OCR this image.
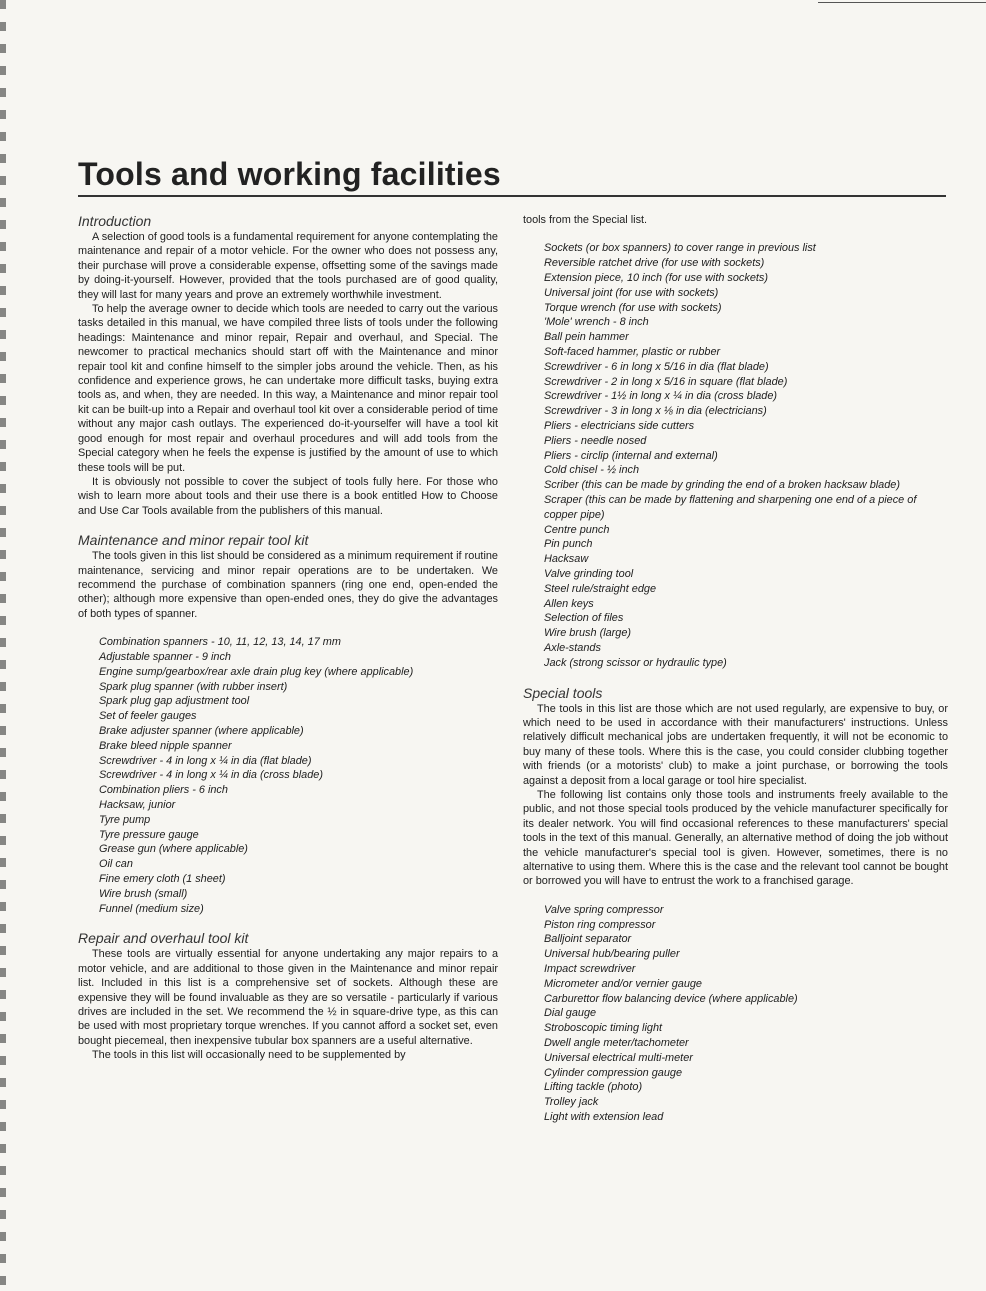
Tools and working facilities
Introduction

A selection of good tools is a fundamental requirement for anyone contemplating the maintenance and repair of a motor vehicle. For the owner who does not possess any, their purchase will prove a considerable expense, offsetting some of the savings made by doing-it-yourself. However, provided that the tools purchased are of good quality, they will last for many years and prove an extremely worthwhile investment.

To help the average owner to decide which tools are needed to carry out the various tasks detailed in this manual, we have compiled three lists of tools under the following headings: Maintenance and minor repair, Repair and overhaul, and Special. The newcomer to practical mechanics should start off with the Maintenance and minor repair tool kit and confine himself to the simpler jobs around the vehicle. Then, as his confidence and experience grows, he can undertake more difficult tasks, buying extra tools as, and when, they are needed. In this way, a Maintenance and minor repair tool kit can be built-up into a Repair and overhaul tool kit over a considerable period of time without any major cash outlays. The experienced do-it-yourselfer will have a tool kit good enough for most repair and overhaul procedures and will add tools from the Special category when he feels the expense is justified by the amount of use to which these tools will be put.

It is obviously not possible to cover the subject of tools fully here. For those who wish to learn more about tools and their use there is a book entitled How to Choose and Use Car Tools available from the publishers of this manual.

Maintenance and minor repair tool kit

The tools given in this list should be considered as a minimum requirement if routine maintenance, servicing and minor repair operations are to be undertaken. We recommend the purchase of combination spanners (ring one end, open-ended the other); although more expensive than open-ended ones, they do give the advantages of both types of spanner.

Combination spanners - 10, 11, 12, 13, 14, 17 mm
Adjustable spanner - 9 inch
Engine sump/gearbox/rear axle drain plug key (where applicable)
Spark plug spanner (with rubber insert)
Spark plug gap adjustment tool
Set of feeler gauges
Brake adjuster spanner (where applicable)
Brake bleed nipple spanner
Screwdriver - 4 in long x ¼ in dia (flat blade)
Screwdriver - 4 in long x ¼ in dia (cross blade)
Combination pliers - 6 inch
Hacksaw, junior
Tyre pump
Tyre pressure gauge
Grease gun (where applicable)
Oil can
Fine emery cloth (1 sheet)
Wire brush (small)
Funnel (medium size)
Repair and overhaul tool kit

These tools are virtually essential for anyone undertaking any major repairs to a motor vehicle, and are additional to those given in the Maintenance and minor repair list. Included in this list is a comprehensive set of sockets. Although these are expensive they will be found invaluable as they are so versatile - particularly if various drives are included in the set. We recommend the ½ in square-drive type, as this can be used with most proprietary torque wrenches. If you cannot afford a socket set, even bought piecemeal, then inexpensive tubular box spanners are a useful alternative.

The tools in this list will occasionally need to be supplemented by

tools from the Special list.

Sockets (or box spanners) to cover range in previous list
Reversible ratchet drive (for use with sockets)
Extension piece, 10 inch (for use with sockets)
Universal joint (for use with sockets)
Torque wrench (for use with sockets)
'Mole' wrench - 8 inch
Ball pein hammer
Soft-faced hammer, plastic or rubber
Screwdriver - 6 in long x 5/16 in dia (flat blade)
Screwdriver - 2 in long x 5/16 in square (flat blade)
Screwdriver - 1½ in long x ¼ in dia (cross blade)
Screwdriver - 3 in long x ⅛ in dia (electricians)
Pliers - electricians side cutters
Pliers - needle nosed
Pliers - circlip (internal and external)
Cold chisel - ½ inch
Scriber (this can be made by grinding the end of a broken hacksaw blade)
Scraper (this can be made by flattening and sharpening one end of a piece of copper pipe)
Centre punch
Pin punch
Hacksaw
Valve grinding tool
Steel rule/straight edge
Allen keys
Selection of files
Wire brush (large)
Axle-stands
Jack (strong scissor or hydraulic type)
Special tools

The tools in this list are those which are not used regularly, are expensive to buy, or which need to be used in accordance with their manufacturers' instructions. Unless relatively difficult mechanical jobs are undertaken frequently, it will not be economic to buy many of these tools. Where this is the case, you could consider clubbing together with friends (or a motorists' club) to make a joint purchase, or borrowing the tools against a deposit from a local garage or tool hire specialist.

The following list contains only those tools and instruments freely available to the public, and not those special tools produced by the vehicle manufacturer specifically for its dealer network. You will find occasional references to these manufacturers' special tools in the text of this manual. Generally, an alternative method of doing the job without the vehicle manufacturer's special tool is given. However, sometimes, there is no alternative to using them. Where this is the case and the relevant tool cannot be bought or borrowed you will have to entrust the work to a franchised garage.

Valve spring compressor
Piston ring compressor
Balljoint separator
Universal hub/bearing puller
Impact screwdriver
Micrometer and/or vernier gauge
Carburettor flow balancing device (where applicable)
Dial gauge
Stroboscopic timing light
Dwell angle meter/tachometer
Universal electrical multi-meter
Cylinder compression gauge
Lifting tackle (photo)
Trolley jack
Light with extension lead
